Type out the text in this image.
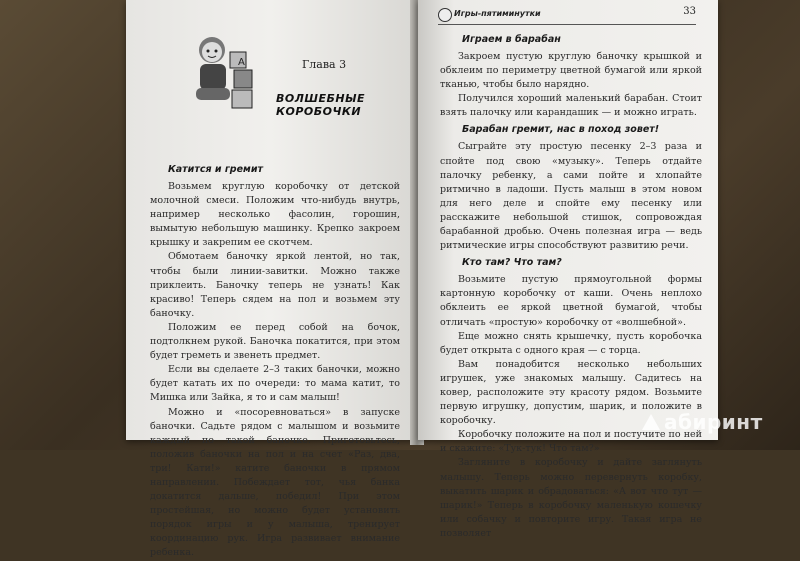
A	Глава 3
ВОЛШЕБНЫЕ КОРОБОЧКИ
Катится и гремит

Возьмем круглую коробочку от детской молочной смеси. Положим что-нибудь внутрь, например несколько фасолин, горошин, вымытую небольшую машинку. Крепко закроем крышку и закрепим ее скотчем.

Обмотаем баночку яркой лентой, но так, чтобы были линии-завитки. Можно также приклеить. Баночку теперь не узнать! Как красиво! Теперь сядем на пол и возьмем эту баночку.

Положим ее перед собой на бочок, подтолкнем рукой. Баночка покатится, при этом будет греметь и звенеть предмет.

Если вы сделаете 2–3 таких баночки, можно будет катать их по очереди: то мама катит, то Мишка или Зайка, я то и сам малыш!

Можно и «посоревноваться» в запуске баночки. Садьте рядом с малышом и возьмите каждый по такой баночке. Приготовьтесь, положив баночки на пол и на счет «Раз, два, три! Кати!» катите баночки в прямом направлении. Побеждает тот, чья банка докатится дальше, победил! При этом простейшая, но можно будет установить порядок игры и у малыша, тренирует координацию рук. Игра развивает внимание ребенка.

Игры-пятиминутки	33
Играем в барабан

Закроем пустую круглую баночку крышкой и обклеим по периметру цветной бумагой или яркой тканью, чтобы было нарядно.

Получился хороший маленький барабан. Стоит взять палочку или карандашик — и можно играть.

Барабан гремит, нас в поход зовет!

Сыграйте эту простую песенку 2–3 раза и спойте под свою «музыку». Теперь отдайте палочку ребенку, а сами пойте и хлопайте ритмично в ладоши. Пусть малыш в этом новом для него деле и спойте ему песенку или расскажите небольшой стишок, сопровождая барабанной дробью. Очень полезная игра — ведь ритмические игры способствуют развитию речи.

Кто там? Что там?

Возьмите пустую прямоугольной формы картонную коробочку от каши. Очень неплохо обклеить ее яркой цветной бумагой, чтобы отличать «простую» коробочку от «волшебной».

Еще можно снять крышечку, пусть коробочка будет открыта с одного края — с торца.

Вам понадобится несколько небольших игрушек, уже знакомых малышу. Садитесь на ковер, расположите эту красоту рядом. Возьмите первую игрушку, допустим, шарик, и положите в коробочку.

Коробочку положите на пол и постучите по ней и скажите: «Тук-тук! Что там?»

Загляните в коробочку и дайте заглянуть малышу. Теперь можно перевернуть коробку, выкатить шарик и обрадоваться: «А вот что тут — шарик!» Теперь в коробочку маленькую кошечку или собачку и повторите игру. Такая игра не позволяет

абиринт
